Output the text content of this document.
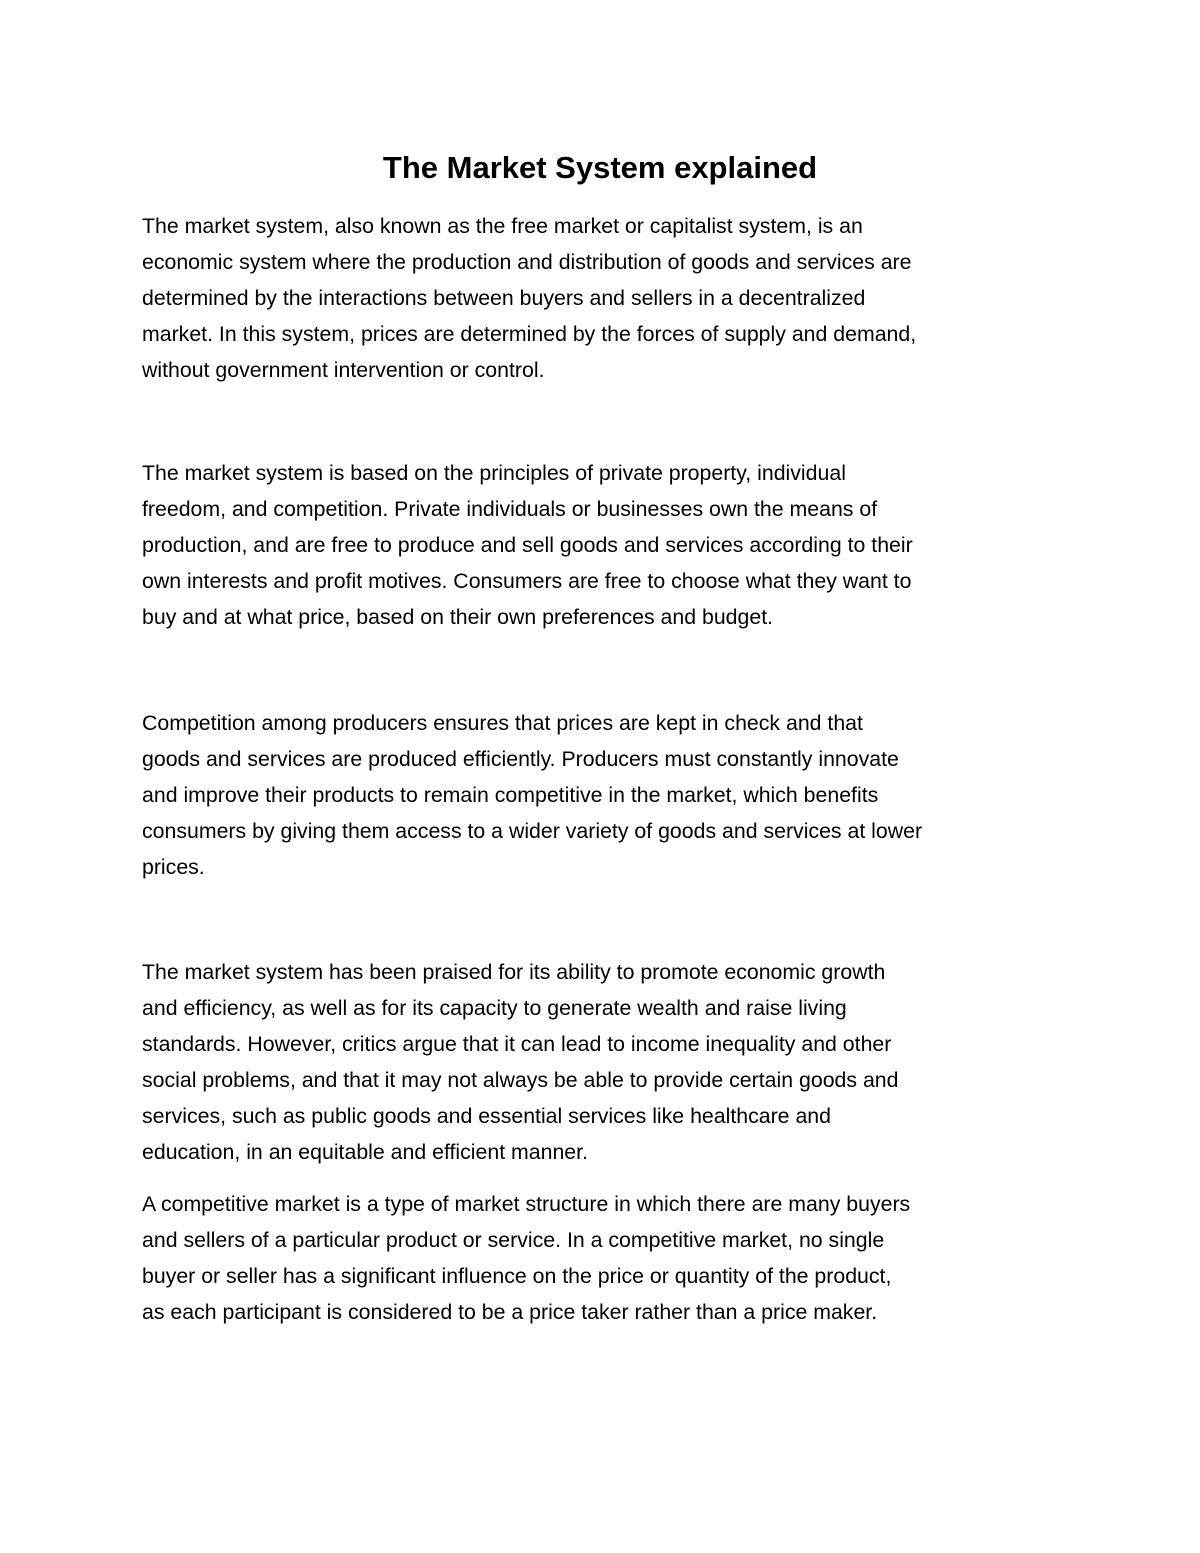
The Market System explained

The market system, also known as the free market or capitalist system, is an
economic system where the production and distribution of goods and services are
determined by the interactions between buyers and sellers in a decentralized
market. In this system, prices are determined by the forces of supply and demand,
without government intervention or control.

The market system is based on the principles of private property, individual
freedom, and competition. Private individuals or businesses own the means of
production, and are free to produce and sell goods and services according to their
own interests and profit motives. Consumers are free to choose what they want to
buy and at what price, based on their own preferences and budget.

Competition among producers ensures that prices are kept in check and that
goods and services are produced efficiently. Producers must constantly innovate
and improve their products to remain competitive in the market, which benefits
consumers by giving them access to a wider variety of goods and services at lower
prices.

The market system has been praised for its ability to promote economic growth
and efficiency, as well as for its capacity to generate wealth and raise living
standards. However, critics argue that it can lead to income inequality and other
social problems, and that it may not always be able to provide certain goods and
services, such as public goods and essential services like healthcare and
education, in an equitable and efficient manner.

A competitive market is a type of market structure in which there are many buyers
and sellers of a particular product or service. In a competitive market, no single
buyer or seller has a significant influence on the price or quantity of the product,
as each participant is considered to be a price taker rather than a price maker.
